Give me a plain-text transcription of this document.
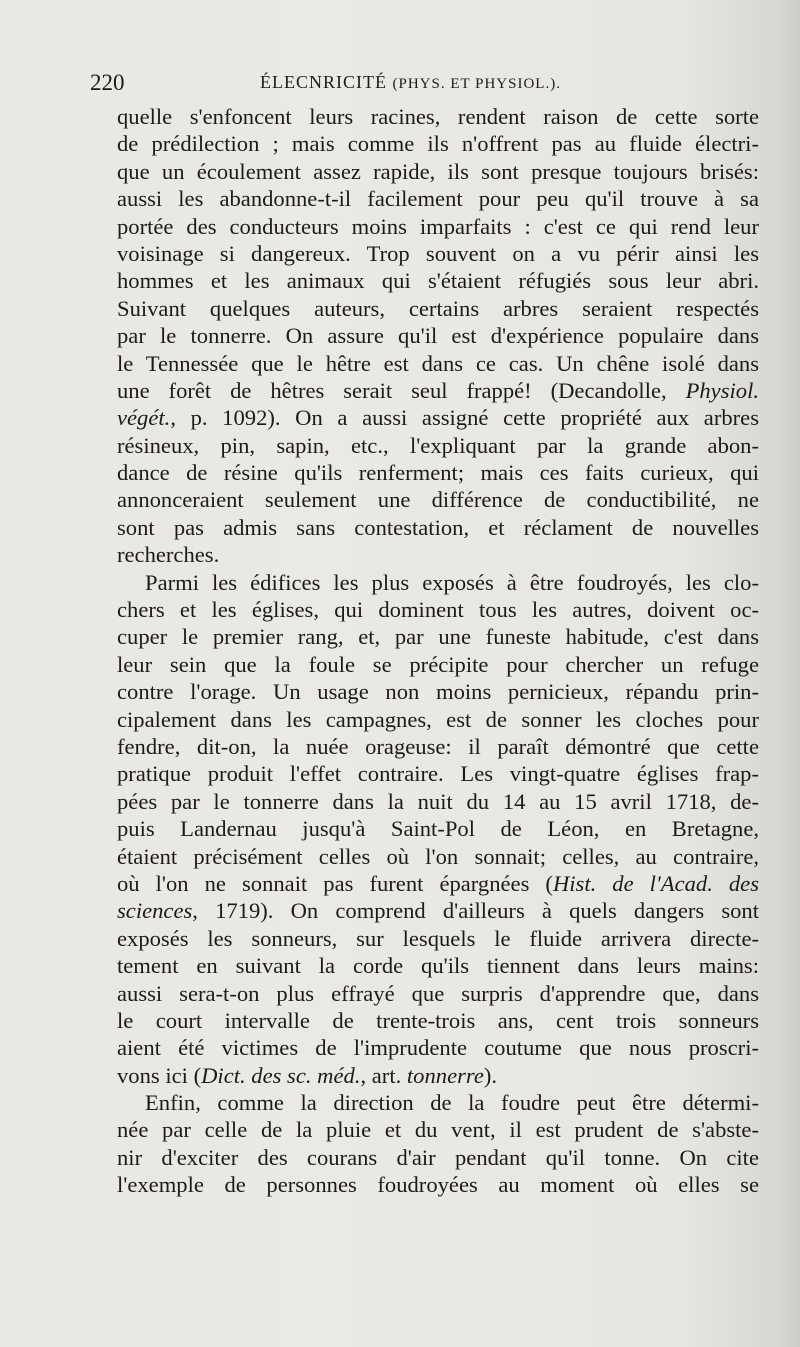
220	ÉLECNRICITÉ (PHYS. ET PHYSIOL.).
quelle s'enfoncent leurs racines, rendent raison de cette sorte
de prédilection ; mais comme ils n'offrent pas au fluide électri-
que un écoulement assez rapide, ils sont presque toujours brisés:
aussi les abandonne-t-il facilement pour peu qu'il trouve à sa
portée des conducteurs moins imparfaits : c'est ce qui rend leur
voisinage si dangereux. Trop souvent on a vu périr ainsi les
hommes et les animaux qui s'étaient réfugiés sous leur abri.
Suivant quelques auteurs, certains arbres seraient respectés
par le tonnerre. On assure qu'il est d'expérience populaire dans
le Tennessée que le hêtre est dans ce cas. Un chêne isolé dans
une forêt de hêtres serait seul frappé! (Decandolle, Physiol.
végét., p. 1092). On a aussi assigné cette propriété aux arbres
résineux, pin, sapin, etc., l'expliquant par la grande abon-
dance de résine qu'ils renferment; mais ces faits curieux, qui
annonceraient seulement une différence de conductibilité, ne
sont pas admis sans contestation, et réclament de nouvelles
recherches.
Parmi les édifices les plus exposés à être foudroyés, les clo-
chers et les églises, qui dominent tous les autres, doivent oc-
cuper le premier rang, et, par une funeste habitude, c'est dans
leur sein que la foule se précipite pour chercher un refuge
contre l'orage. Un usage non moins pernicieux, répandu prin-
cipalement dans les campagnes, est de sonner les cloches pour
fendre, dit-on, la nuée orageuse: il paraît démontré que cette
pratique produit l'effet contraire. Les vingt-quatre églises frap-
pées par le tonnerre dans la nuit du 14 au 15 avril 1718, de-
puis Landernau jusqu'à Saint-Pol de Léon, en Bretagne,
étaient précisément celles où l'on sonnait; celles, au contraire,
où l'on ne sonnait pas furent épargnées (Hist. de l'Acad. des
sciences, 1719). On comprend d'ailleurs à quels dangers sont
exposés les sonneurs, sur lesquels le fluide arrivera directe-
tement en suivant la corde qu'ils tiennent dans leurs mains:
aussi sera-t-on plus effrayé que surpris d'apprendre que, dans
le court intervalle de trente-trois ans, cent trois sonneurs
aient été victimes de l'imprudente coutume que nous proscri-
vons ici (Dict. des sc. méd., art. tonnerre).
Enfin, comme la direction de la foudre peut être détermi-
née par celle de la pluie et du vent, il est prudent de s'abste-
nir d'exciter des courans d'air pendant qu'il tonne. On cite
l'exemple de personnes foudroyées au moment où elles se
